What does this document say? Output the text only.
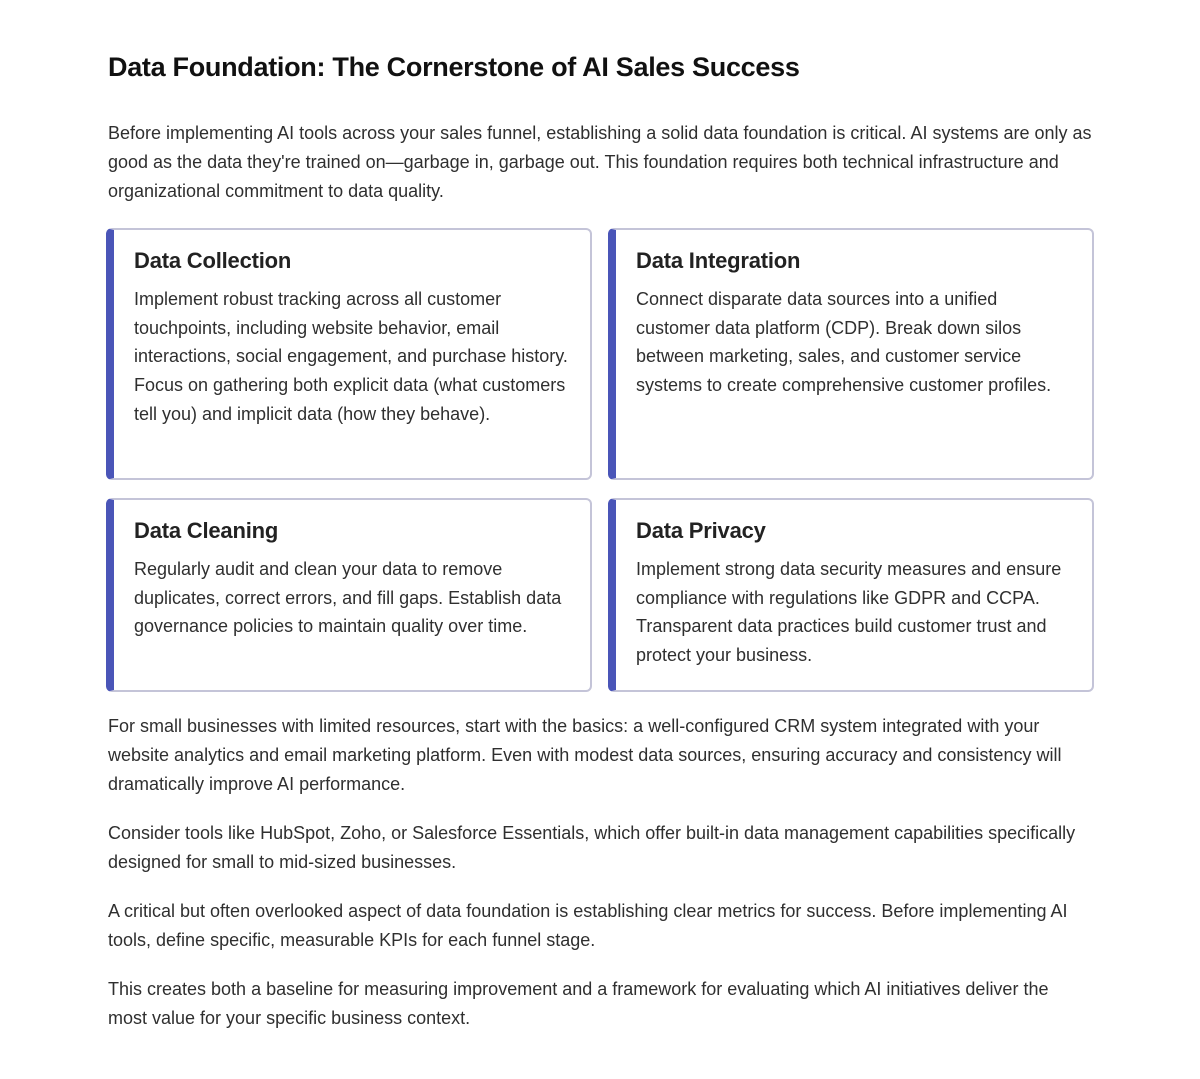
Data Foundation: The Cornerstone of AI Sales Success

Before implementing AI tools across your sales funnel, establishing a solid data foundation is critical. AI systems are only as good as the data they're trained on—garbage in, garbage out. This foundation requires both technical infrastructure and organizational commitment to data quality.

Data Collection

Implement robust tracking across all customer touchpoints, including website behavior, email interactions, social engagement, and purchase history. Focus on gathering both explicit data (what customers tell you) and implicit data (how they behave).

Data Integration

Connect disparate data sources into a unified customer data platform (CDP). Break down silos between marketing, sales, and customer service systems to create comprehensive customer profiles.

Data Cleaning

Regularly audit and clean your data to remove duplicates, correct errors, and fill gaps. Establish data governance policies to maintain quality over time.

Data Privacy

Implement strong data security measures and ensure compliance with regulations like GDPR and CCPA. Transparent data practices build customer trust and protect your business.

For small businesses with limited resources, start with the basics: a well-configured CRM system integrated with your website analytics and email marketing platform. Even with modest data sources, ensuring accuracy and consistency will dramatically improve AI performance.

Consider tools like HubSpot, Zoho, or Salesforce Essentials, which offer built-in data management capabilities specifically designed for small to mid-sized businesses.

A critical but often overlooked aspect of data foundation is establishing clear metrics for success. Before implementing AI tools, define specific, measurable KPIs for each funnel stage.

This creates both a baseline for measuring improvement and a framework for evaluating which AI initiatives deliver the most value for your specific business context.
